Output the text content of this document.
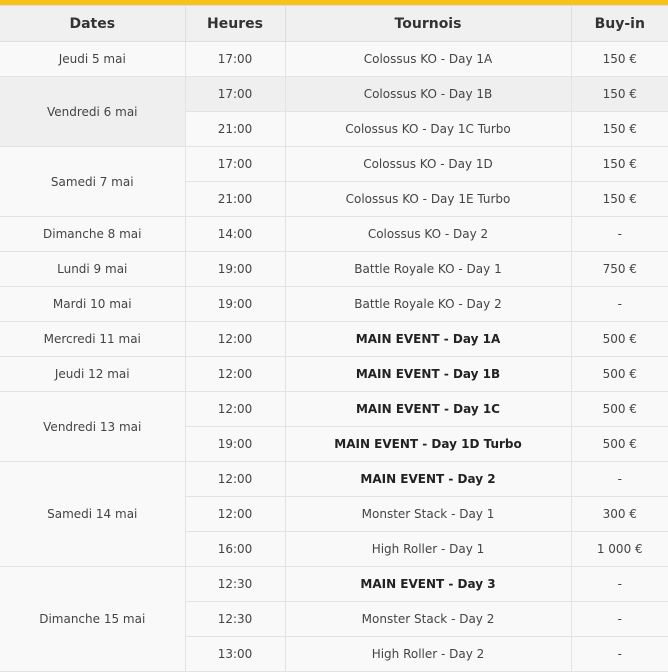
Dates	Heures	Tournois	Buy-in
Jeudi 5 mai	17:00	Colossus KO - Day 1A	150 €
Vendredi 6 mai	17:00	Colossus KO - Day 1B	150 €
	21:00	Colossus KO - Day 1C Turbo	150 €
Samedi 7 mai	17:00	Colossus KO - Day 1D	150 €
	21:00	Colossus KO - Day 1E Turbo	150 €
Dimanche 8 mai	14:00	Colossus KO - Day 2	-
Lundi 9 mai	19:00	Battle Royale KO - Day 1	750 €
Mardi 10 mai	19:00	Battle Royale KO - Day 2	-
Mercredi 11 mai	12:00	MAIN EVENT - Day 1A	500 €
Jeudi 12 mai	12:00	MAIN EVENT - Day 1B	500 €
Vendredi 13 mai	12:00	MAIN EVENT - Day 1C	500 €
	19:00	MAIN EVENT - Day 1D Turbo	500 €
Samedi 14 mai	12:00	MAIN EVENT - Day 2	-
	12:00	Monster Stack - Day 1	300 €
	16:00	High Roller - Day 1	1 000 €
Dimanche 15 mai	12:30	MAIN EVENT - Day 3	-
	12:30	Monster Stack - Day 2	-
	13:00	High Roller - Day 2	-
